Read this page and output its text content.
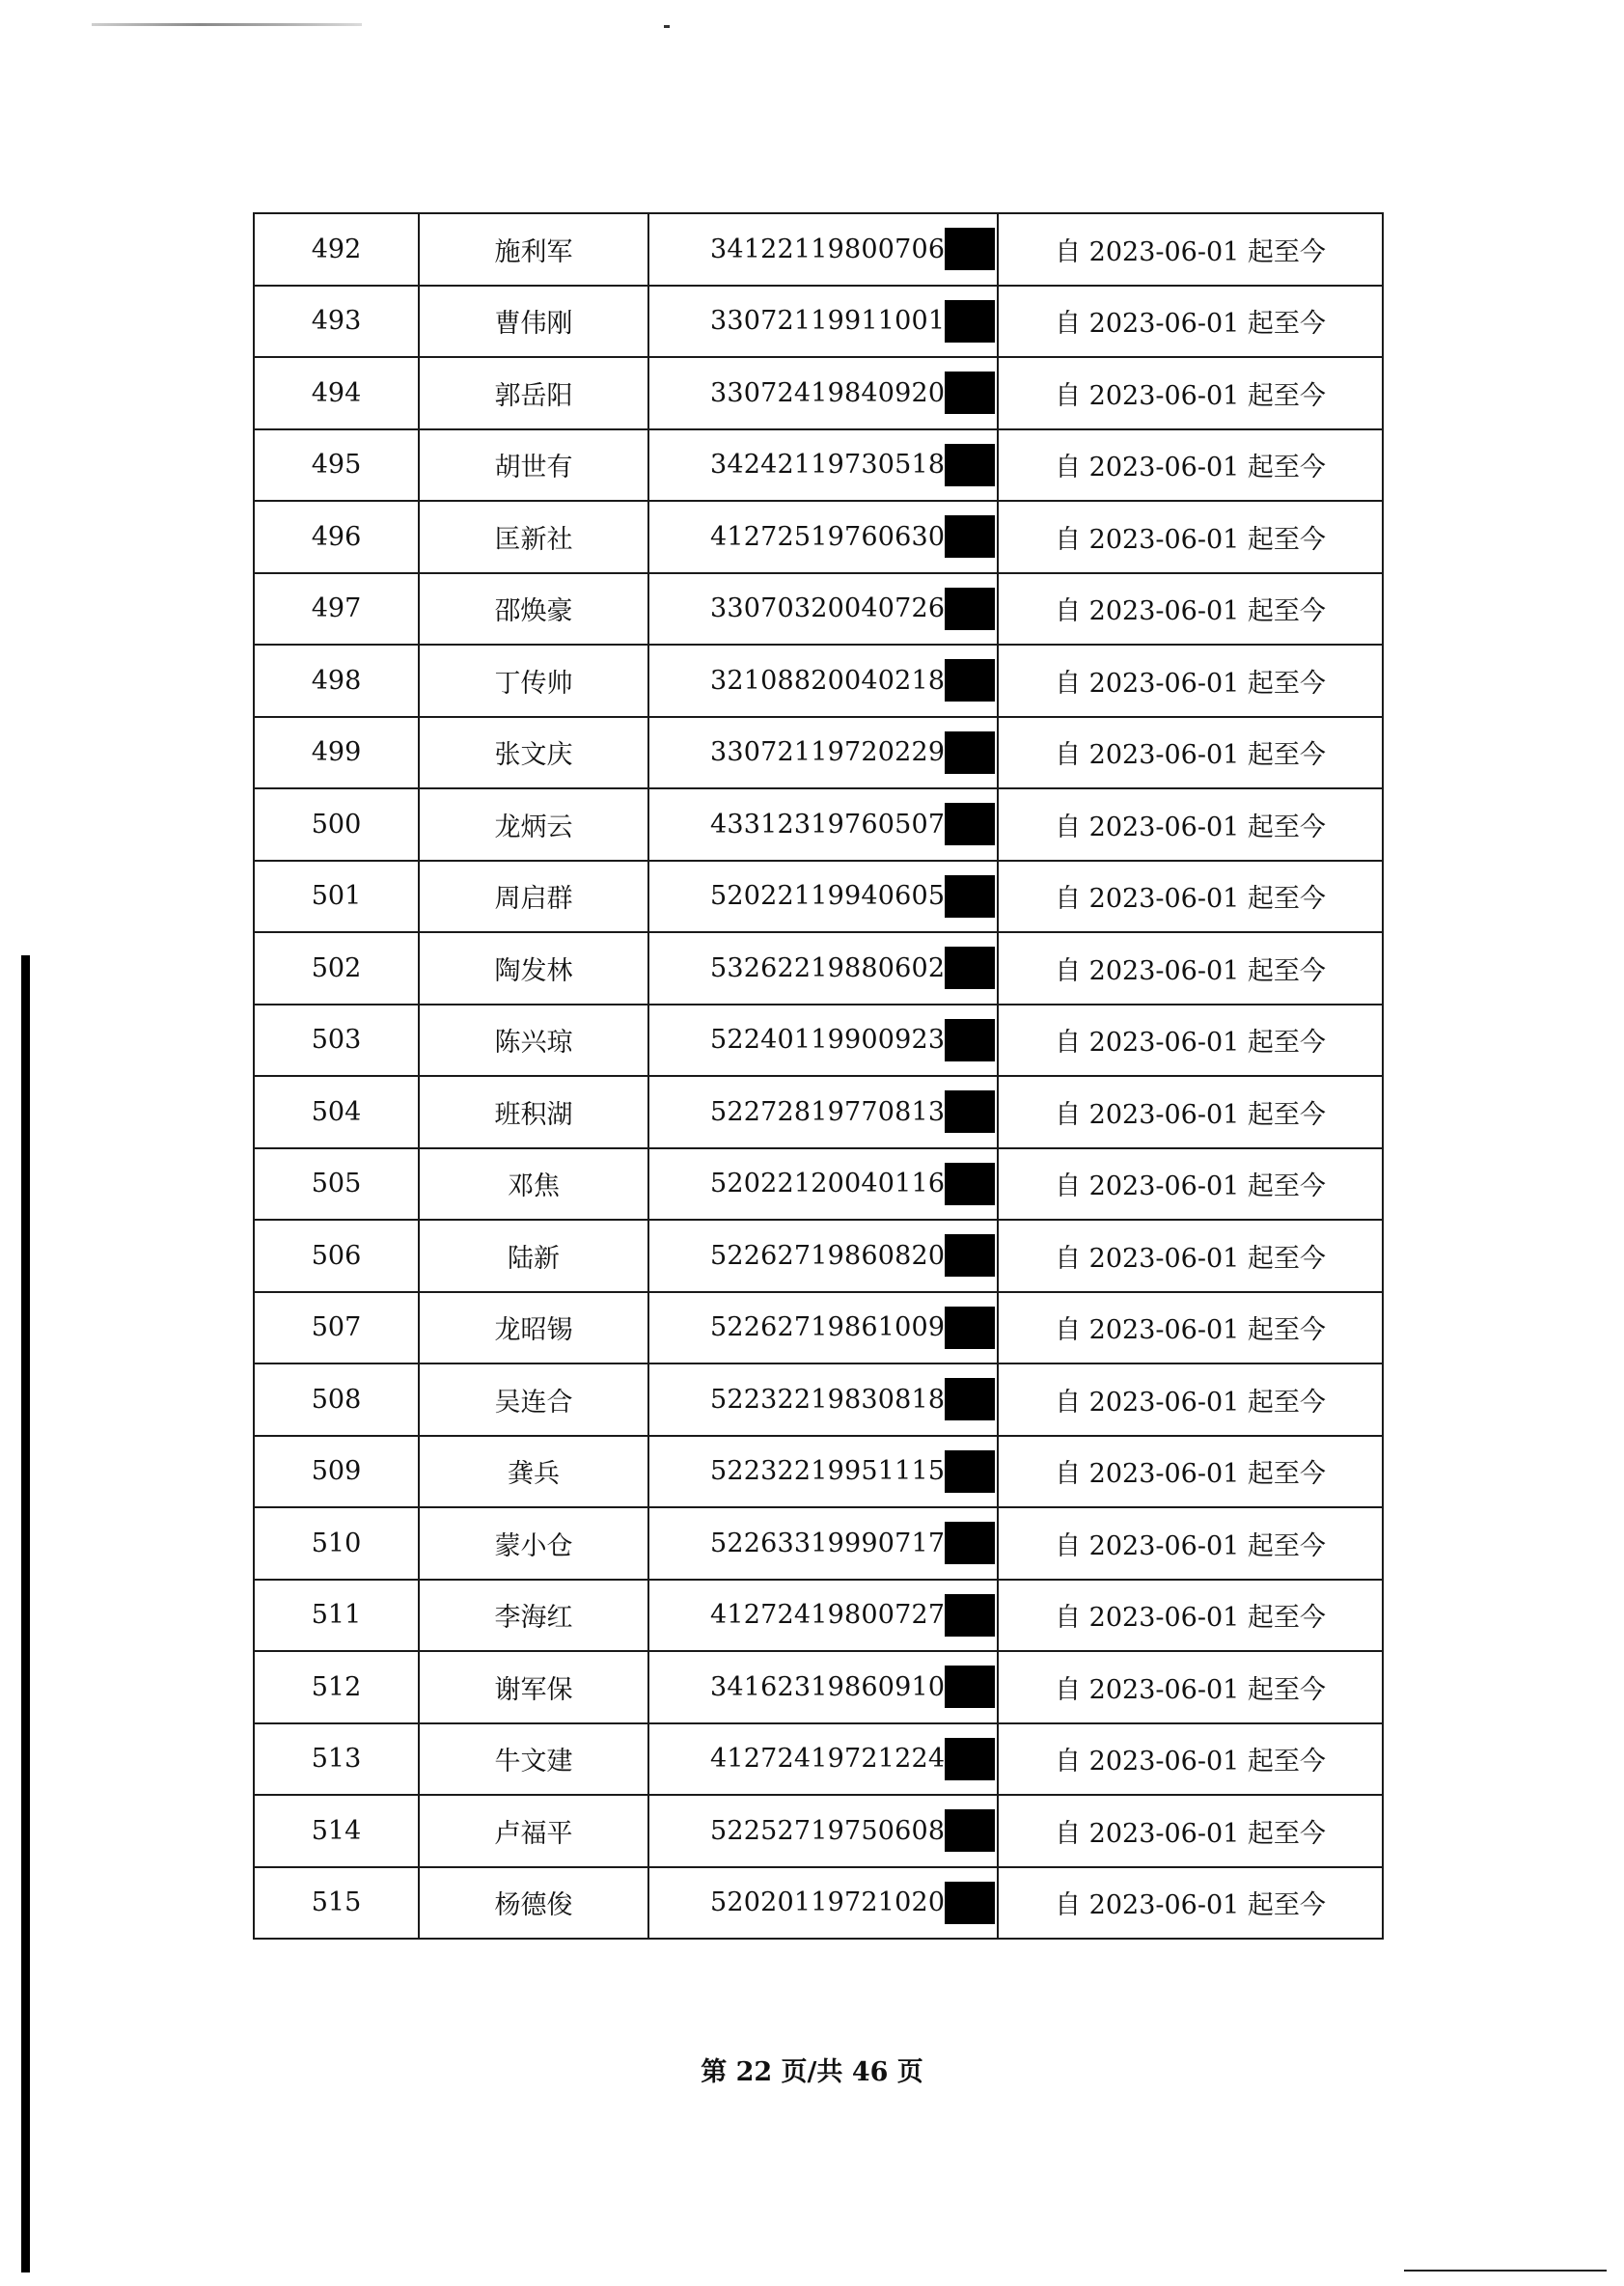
492	施利军	34122119800706	自 2023-06-01 起至今
493	曹伟刚	33072119911001	自 2023-06-01 起至今
494	郭岳阳	33072419840920	自 2023-06-01 起至今
495	胡世有	34242119730518	自 2023-06-01 起至今
496	匡新社	41272519760630	自 2023-06-01 起至今
497	邵焕豪	33070320040726	自 2023-06-01 起至今
498	丁传帅	32108820040218	自 2023-06-01 起至今
499	张文庆	33072119720229	自 2023-06-01 起至今
500	龙炳云	43312319760507	自 2023-06-01 起至今
501	周启群	52022119940605	自 2023-06-01 起至今
502	陶发林	53262219880602	自 2023-06-01 起至今
503	陈兴琼	52240119900923	自 2023-06-01 起至今
504	班积湖	52272819770813	自 2023-06-01 起至今
505	邓焦	52022120040116	自 2023-06-01 起至今
506	陆新	52262719860820	自 2023-06-01 起至今
507	龙昭锡	52262719861009	自 2023-06-01 起至今
508	吴连合	52232219830818	自 2023-06-01 起至今
509	龚兵	52232219951115	自 2023-06-01 起至今
510	蒙小仓	52263319990717	自 2023-06-01 起至今
511	李海红	41272419800727	自 2023-06-01 起至今
512	谢军保	34162319860910	自 2023-06-01 起至今
513	牛文建	41272419721224	自 2023-06-01 起至今
514	卢福平	52252719750608	自 2023-06-01 起至今
515	杨德俊	52020119721020	自 2023-06-01 起至今
第 22 页/共 46 页
